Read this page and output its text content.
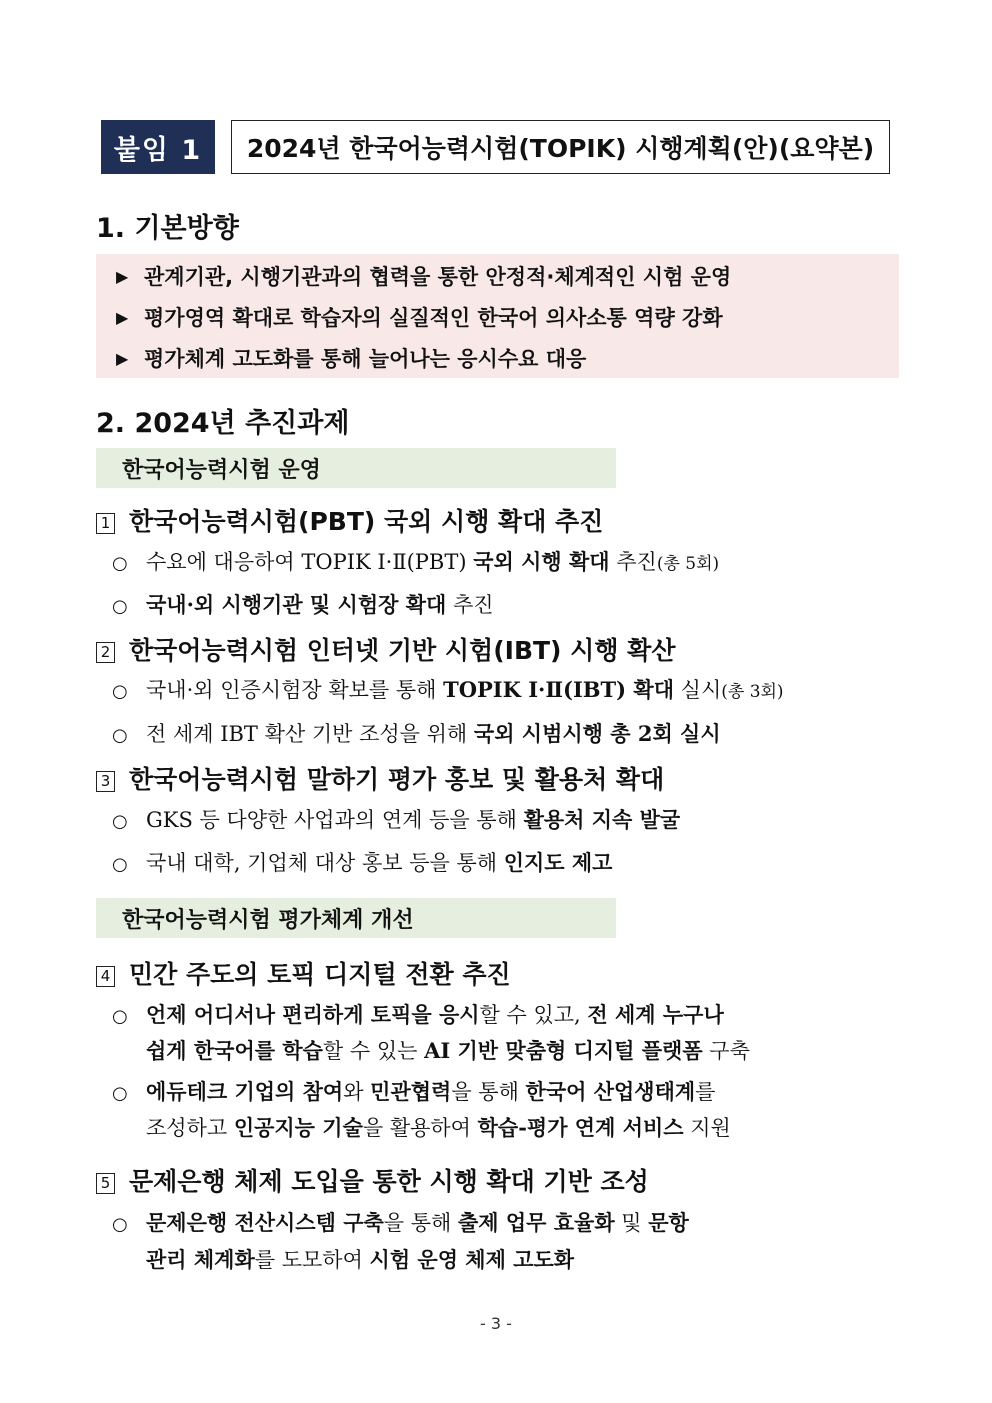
붙임 1	2024년 한국어능력시험(TOPIK) 시행계획(안)(요약본)
1. 기본방향
▶ 관계기관, 시행기관과의 협력을 통한 안정적·체계적인 시험 운영
▶ 평가영역 확대로 학습자의 실질적인 한국어 의사소통 역량 강화
▶ 평가체계 고도화를 통해 늘어나는 응시수요 대응
2. 2024년 추진과제
한국어능력시험 운영
1 한국어능력시험(PBT) 국외 시행 확대 추진
○ 수요에 대응하여 TOPIK Ⅰ·Ⅱ(PBT) 국외 시행 확대 추진(총 5회)
○ 국내·외 시행기관 및 시험장 확대 추진
2 한국어능력시험 인터넷 기반 시험(IBT) 시행 확산
○ 국내·외 인증시험장 확보를 통해 TOPIK Ⅰ·Ⅱ(IBT) 확대 실시(총 3회)
○ 전 세계 IBT 확산 기반 조성을 위해 국외 시범시행 총 2회 실시
3 한국어능력시험 말하기 평가 홍보 및 활용처 확대
○ GKS 등 다양한 사업과의 연계 등을 통해 활용처 지속 발굴
○ 국내 대학, 기업체 대상 홍보 등을 통해 인지도 제고
한국어능력시험 평가체계 개선
4 민간 주도의 토픽 디지털 전환 추진
○ 언제 어디서나 편리하게 토픽을 응시할 수 있고, 전 세계 누구나
쉽게 한국어를 학습할 수 있는 AI 기반 맞춤형 디지털 플랫폼 구축
○ 에듀테크 기업의 참여와 민관협력을 통해 한국어 산업생태계를
조성하고 인공지능 기술을 활용하여 학습-평가 연계 서비스 지원
5 문제은행 체제 도입을 통한 시행 확대 기반 조성
○ 문제은행 전산시스템 구축을 통해 출제 업무 효율화 및 문항
관리 체계화를 도모하여 시험 운영 체제 고도화
- 3 -
